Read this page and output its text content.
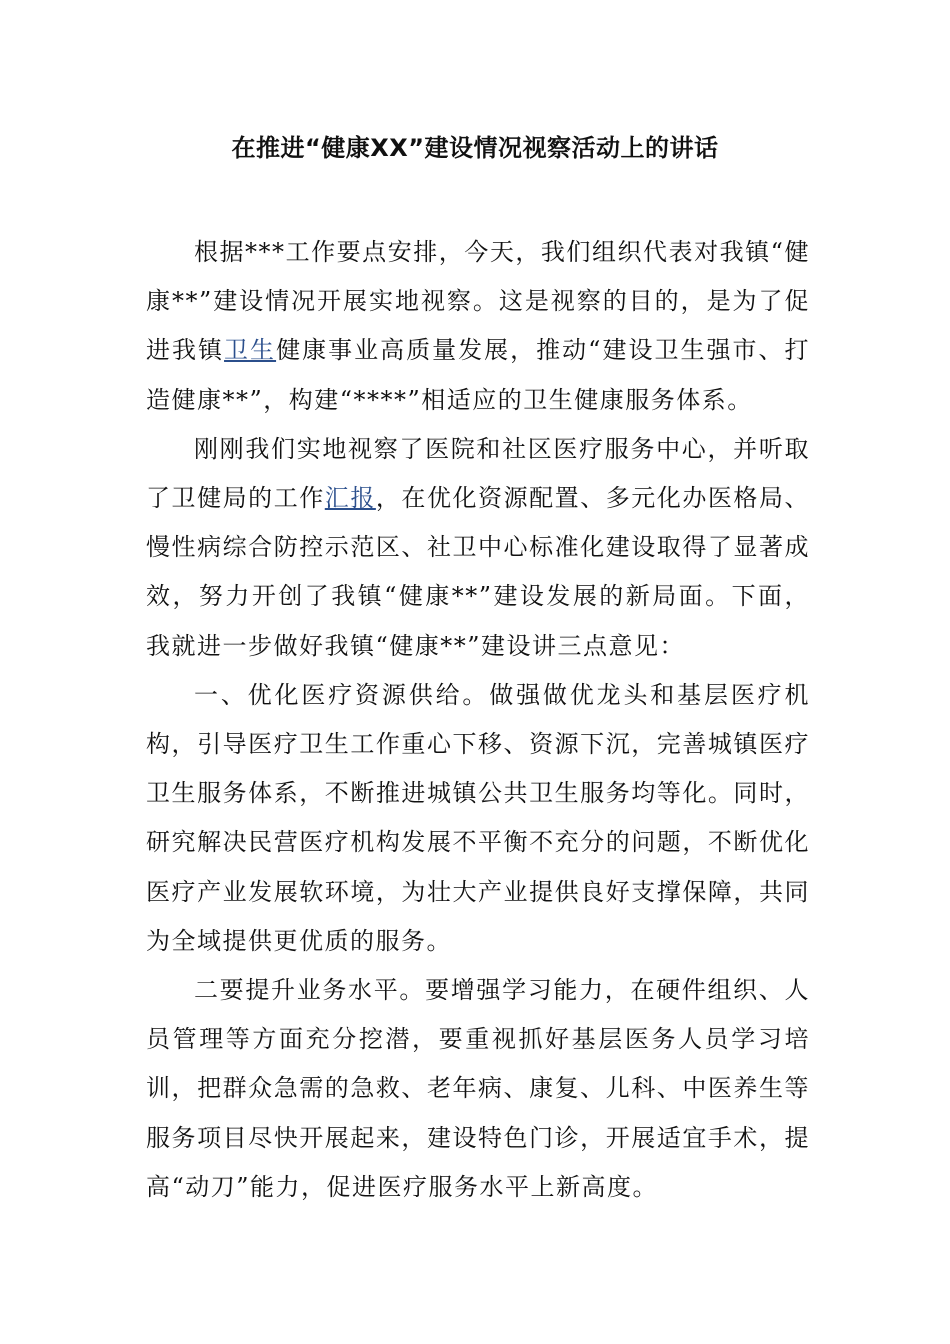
在推进“健康XX”建设情况视察活动上的讲话

根据***工作要点安排，今天，我们组织代表对我镇“健康**”建设情况开展实地视察。这是视察的目的，是为了促进我镇卫生健康事业高质量发展，推动“建设卫生强市、打造健康**”，构建“****”相适应的卫生健康服务体系。

刚刚我们实地视察了医院和社区医疗服务中心，并听取了卫健局的工作汇报，在优化资源配置、多元化办医格局、慢性病综合防控示范区、社卫中心标准化建设取得了显著成效，努力开创了我镇“健康**”建设发展的新局面。下面，我就进一步做好我镇“健康**”建设讲三点意见：

一、优化医疗资源供给。做强做优龙头和基层医疗机构，引导医疗卫生工作重心下移、资源下沉，完善城镇医疗卫生服务体系，不断推进城镇公共卫生服务均等化。同时，研究解决民营医疗机构发展不平衡不充分的问题，不断优化医疗产业发展软环境，为壮大产业提供良好支撑保障，共同为全域提供更优质的服务。

二要提升业务水平。要增强学习能力，在硬件组织、人员管理等方面充分挖潜，要重视抓好基层医务人员学习培训，把群众急需的急救、老年病、康复、儿科、中医养生等服务项目尽快开展起来，建设特色门诊，开展适宜手术，提高“动刀”能力，促进医疗服务水平上新高度。
